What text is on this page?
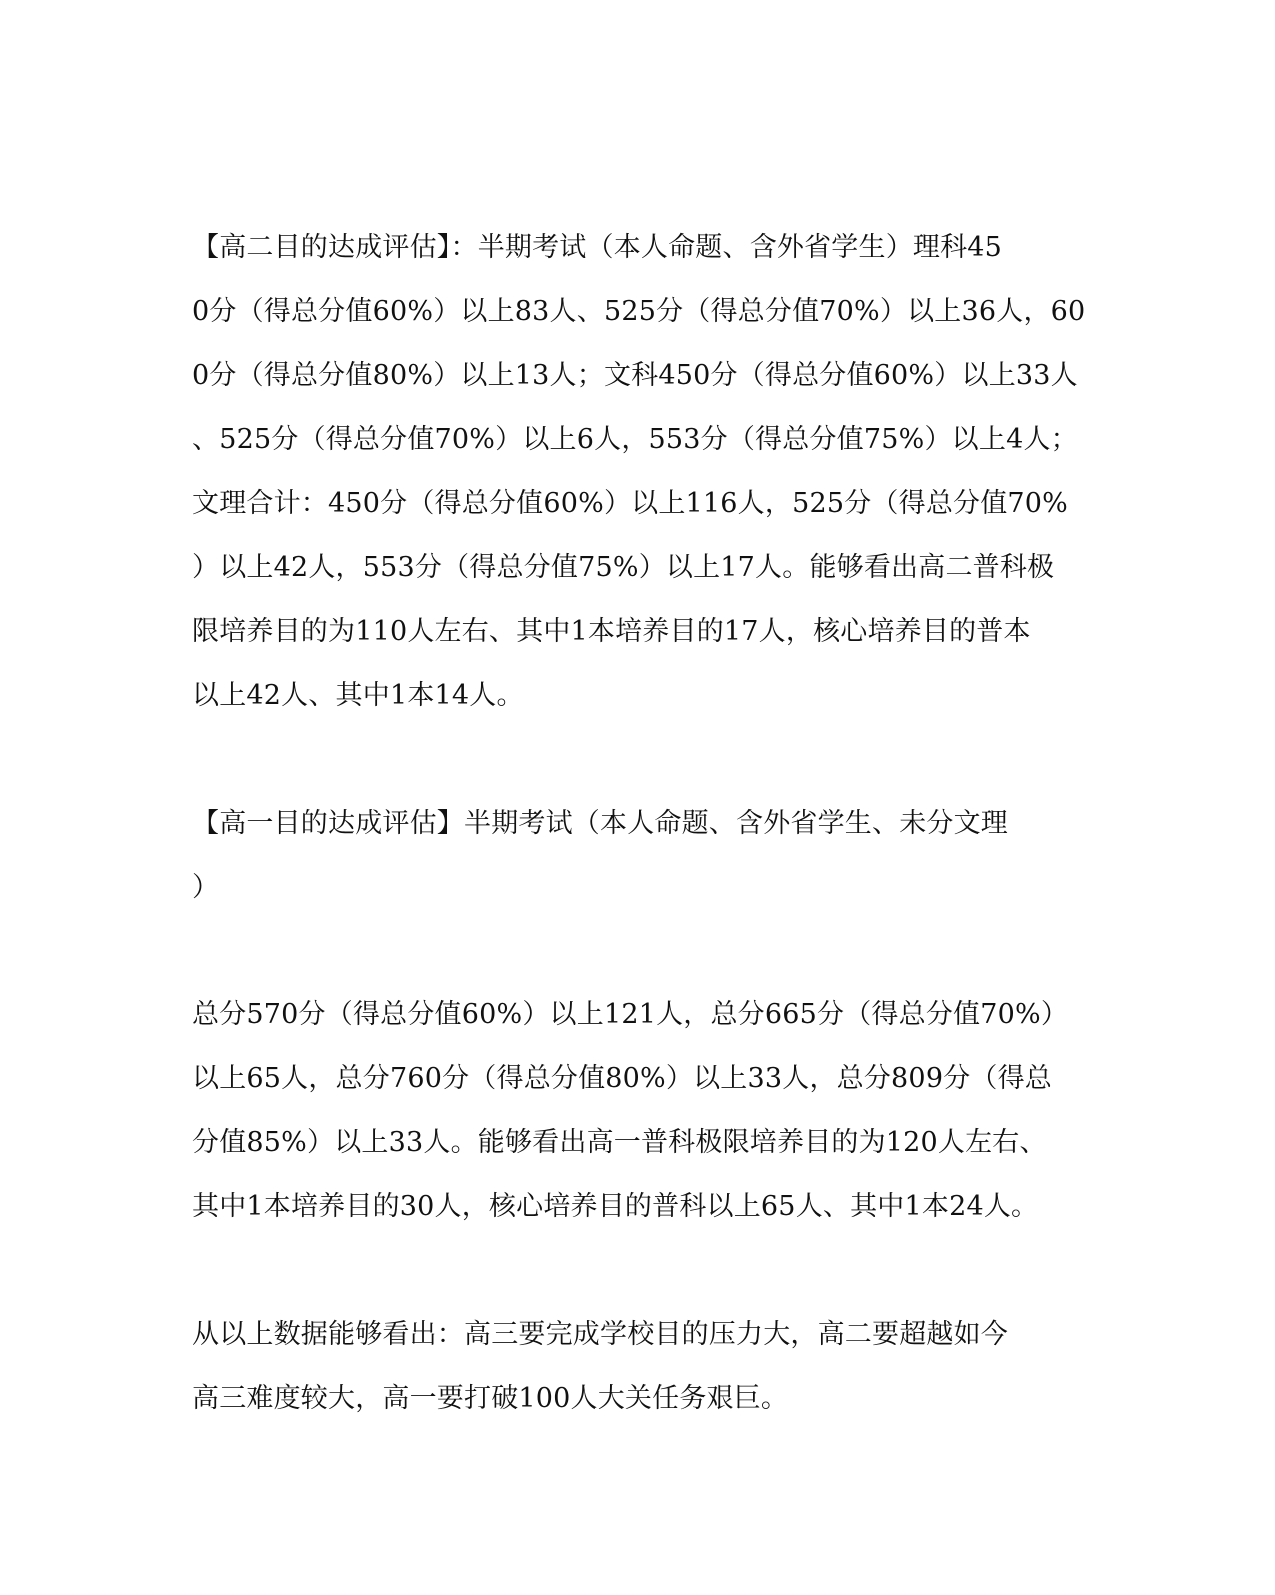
【高二目的达成评估】：半期考试（本人命题、含外省学生）理科45
0分（得总分值60%）以上83人、525分（得总分值70%）以上36人，60
0分（得总分值80%）以上13人；文科450分（得总分值60%）以上33人
、525分（得总分值70%）以上6人，553分（得总分值75%）以上4人；
文理合计：450分（得总分值60%）以上116人，525分（得总分值70%
）以上42人，553分（得总分值75%）以上17人。能够看出高二普科极
限培养目的为110人左右、其中1本培养目的17人，核心培养目的普本
以上42人、其中1本14人。

【高一目的达成评估】半期考试（本人命题、含外省学生、未分文理
）

总分570分（得总分值60%）以上121人，总分665分（得总分值70%）
以上65人，总分760分（得总分值80%）以上33人，总分809分（得总
分值85%）以上33人。能够看出高一普科极限培养目的为120人左右、
其中1本培养目的30人，核心培养目的普科以上65人、其中1本24人。

从以上数据能够看出：高三要完成学校目的压力大，高二要超越如今
高三难度较大，高一要打破100人大关任务艰巨。
